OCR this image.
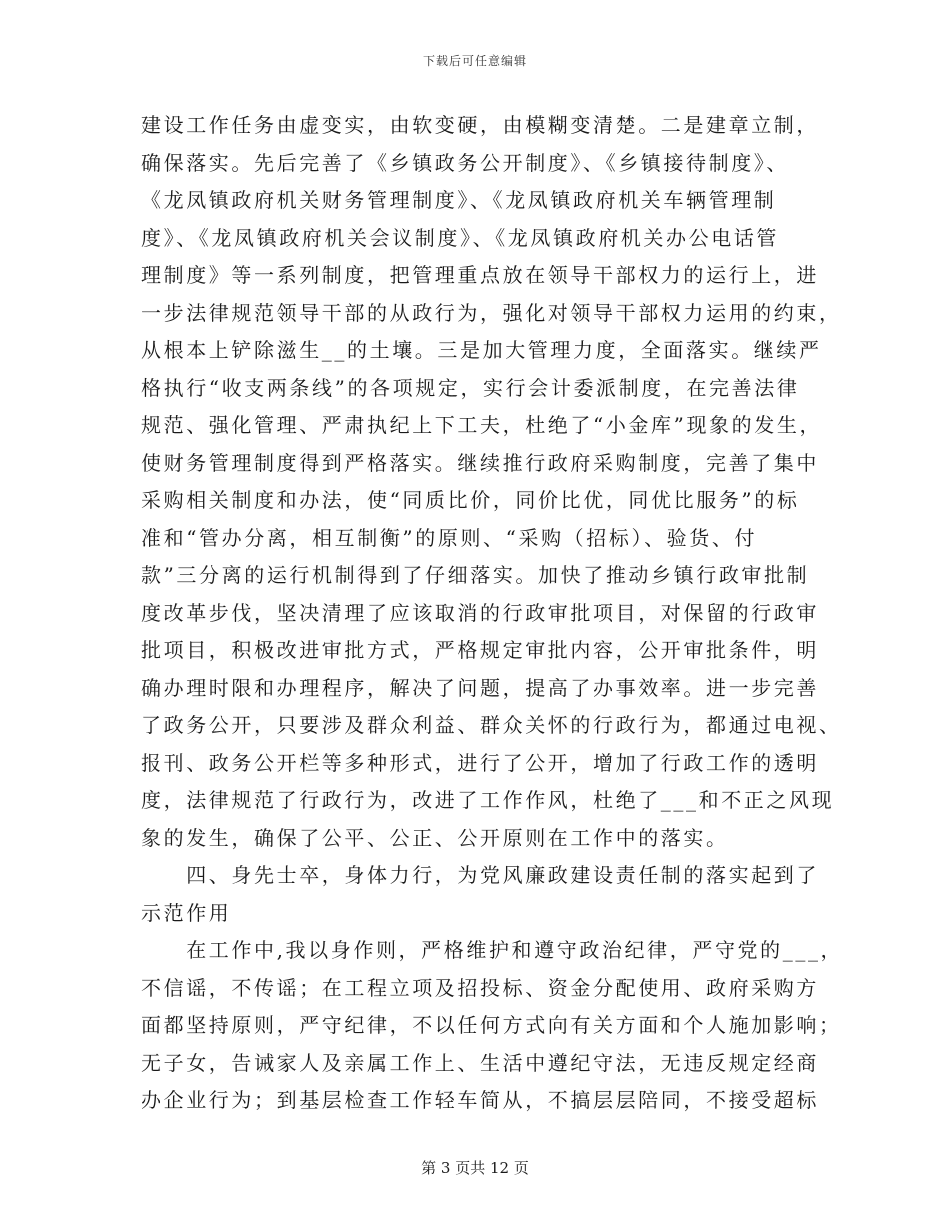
下载后可任意编辑
建设工作任务由虚变实，由软变硬，由模糊变清楚。二是建章立制，
确保落实。先后完善了《乡镇政务公开制度》、《乡镇接待制度》、
《龙凤镇政府机关财务管理制度》、《龙凤镇政府机关车辆管理制
度》、《龙凤镇政府机关会议制度》、《龙凤镇政府机关办公电话管
理制度》等一系列制度，把管理重点放在领导干部权力的运行上，进
一步法律规范领导干部的从政行为，强化对领导干部权力运用的约束，
从根本上铲除滋生__的土壤。三是加大管理力度，全面落实。继续严
格执行“收支两条线”的各项规定，实行会计委派制度，在完善法律
规范、强化管理、严肃执纪上下工夫，杜绝了“小金库”现象的发生，
使财务管理制度得到严格落实。继续推行政府采购制度，完善了集中
采购相关制度和办法，使“同质比价，同价比优，同优比服务”的标
准和“管办分离，相互制衡”的原则、“采购（招标）、验货、付
款”三分离的运行机制得到了仔细落实。加快了推动乡镇行政审批制
度改革步伐，坚决清理了应该取消的行政审批项目，对保留的行政审
批项目，积极改进审批方式，严格规定审批内容，公开审批条件，明
确办理时限和办理程序，解决了问题，提高了办事效率。进一步完善
了政务公开，只要涉及群众利益、群众关怀的行政行为，都通过电视、
报刊、政务公开栏等多种形式，进行了公开，增加了行政工作的透明
度，法律规范了行政行为，改进了工作作风，杜绝了___和不正之风现
象的发生，确保了公平、公正、公开原则在工作中的落实。
　　四、身先士卒，身体力行，为党风廉政建设责任制的落实起到了
示范作用
　　在工作中,我以身作则，严格维护和遵守政治纪律，严守党的___，
不信谣，不传谣；在工程立项及招投标、资金分配使用、政府采购方
面都坚持原则，严守纪律，不以任何方式向有关方面和个人施加影响；
无子女，告诫家人及亲属工作上、生活中遵纪守法，无违反规定经商
办企业行为；到基层检查工作轻车简从，不搞层层陪同，不接受超标
第 3 页共 12 页
